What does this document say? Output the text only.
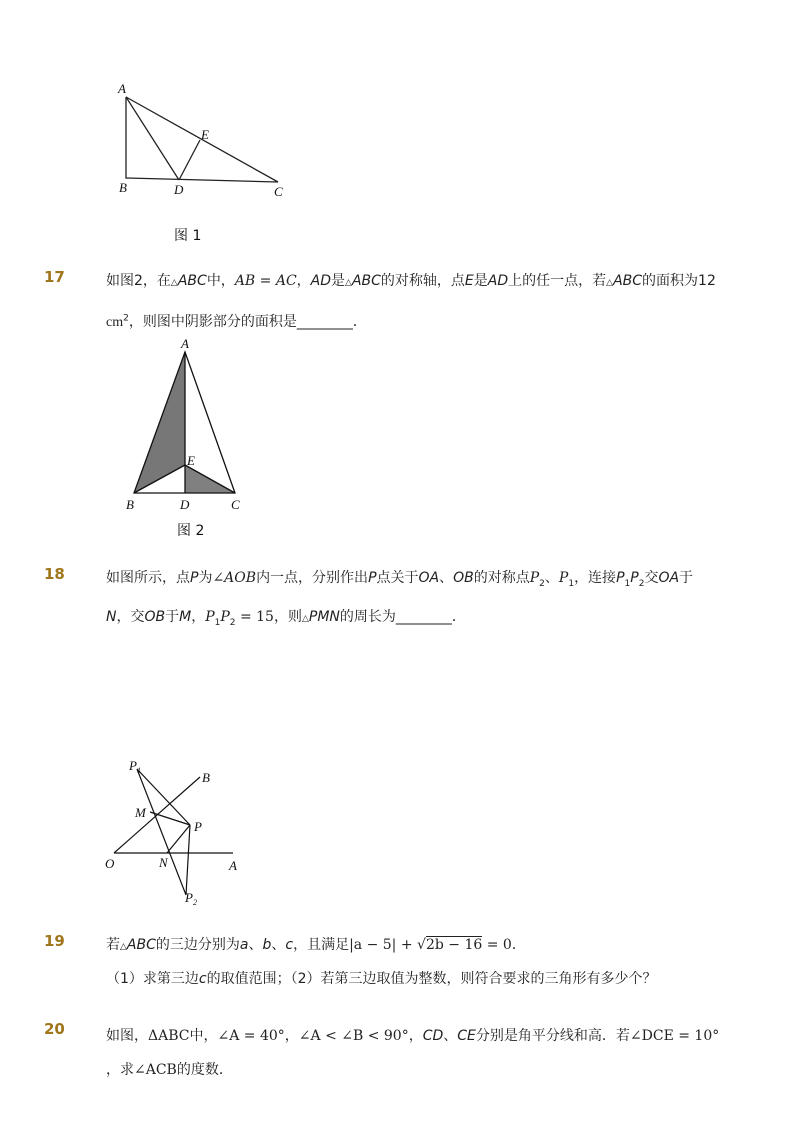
A
B	D
E
C
图 1
17	如图2，在△ABC中，AB = AC，AD是△ABC的对称轴，点E是AD上的任一点，若△ABC的面积为12
$cm^2$，则图中阴影部分的面积是________．
A
E
B	D	C
图 2
18	如图所示，点P为∠AOB内一点，分别作出P点关于OA、OB的对称点$P_2$、$P_1$，连接$P_1P_2$交OA于
N，交OB于M，$P_1P_2 = 15$，则△PMN的周长为________．
$P_1$	B
M
P
O	N	A
$P_2$
19	若△ABC的三边分别为a、b、c，且满足|a − 5| + √2b − 16 = 0．
（1）求第三边c的取值范围；（2）若第三边取值为整数，则符合要求的三角形有多少个？
20	如图，ΔABC中，∠A = 40°，∠A < ∠B < 90°，CD、CE分别是角平分线和高．若∠DCE = 10°
，求∠ACB的度数．
